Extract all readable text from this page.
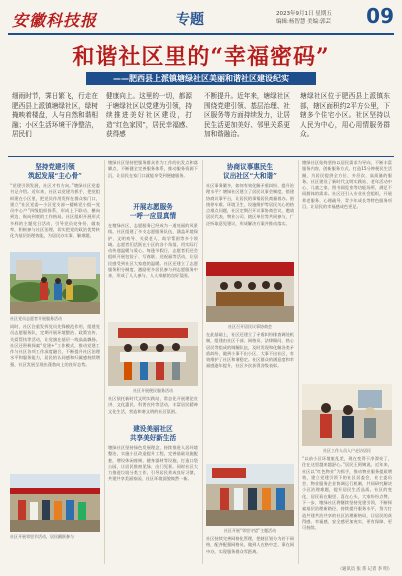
安徽科技报	专题	2023年9月1日 星期五
编辑:杨智慧 美编:郭芸 09
和谐社区里的“幸福密码”
——肥西县上派镇塘绿社区美丽和谐社区建设纪实
细雨时节，霁日繁飞，行走在肥西县上派镇塘绿社区，绿树掩映着楼盘，人与自然和谐相融；小区生活环境干净整洁，居民们
健康向上。这里的一切，都源于塘绿社区以党建为引领，持续推进美好社区建设，打造“红色家园”，居民幸福感、获得感
不断提升。近年来，塘绿社区围绕党建引领、基层治理、社区服务等方面持续发力，让居民生活更加美好、邻里关系更加和谐融洽。
塘绿社区位于肥西县上派镇东部，辖区面积约2平方公里，下辖多个住宅小区。社区坚持以人民为中心，用心用情服务群众。
坚持党建引领
筑起发展“主心骨”
“党建引领发展，社区才有方向。”塘绿社区党委书记介绍。近年来，社区以党建为抓手，把党组织建在小区里，把党员作用发挥在群众家门口，建立“社区党委—小区党支部—楼栋党小组—党员中心户”四级组织体系，形成上下联动、横向到边、纵向到底的工作格局。社区组织开展形式多样的主题党日活动，引导党员亮身份、做表率，积极参与社区治理，切实把党的政治优势转化为基层治理效能，为居民办实事、解难题。
社区党员志愿者开展服务活动
同时，社区注重发挥党员先锋模范作用，组建党员志愿服务队，定期开展环境整治、政策宣传、关爱帮扶等活动，让党旗在基层一线高高飘扬。社区还积极探索“党建+”工作模式，推动党建工作与社区各项工作深度融合，不断提升社区治理水平和服务能力，居民的认同感和归属感持续增强，社区发展呈现出蓬勃向上的良好态势。
社区开展邻里节活动，居民踊跃参与
塘绿社区坚持把服务群众作为工作的出发点和落脚点，不断健全完善服务体系，推动服务资源下沉，让居民在家门口就能享受到便捷服务。
开展志愿服务
一呼一应显真情
在塘绿社区，志愿服务已经成为一道亮丽的风景线。社区组建了多支志愿服务队伍，涵盖环境保护、文明劝导、关爱老人、助学帮困等多个领域。志愿者们活跃在小区的各个角落，用实际行动传递温暖与爱心。每逢节假日，志愿者们还会组织开展包饺子、写春联、送祝福等活动，让居民感受到社区大家庭的温暖。社区还建立了志愿服务积分制度，激励更多居民参与到志愿服务中来，形成了人人参与、人人奉献的良好氛围。
社区开展便民服务活动
社区依托新时代文明实践站，常态化开展理论宣讲、文化惠民、科普宣传等活动，丰富居民精神文化生活，营造和谐文明的社区氛围。
建设美丽社区
共享美好新生活
塘绿社区坚持绿色发展理念，持续推进人居环境整治，实施小区改造提升工程，完善基础设施配套，增设休闲座椅、健身器材等设施，打造口袋公园，让居民推窗见绿、出门见景。同时社区大力推进垃圾分类工作，引导居民养成良好习惯，共建共享美丽家园，社区环境面貌焕然一新。
协商议事惠民生
议出社区“大和谐”
社区事务繁多，如何有效化解矛盾纠纷、提升治理水平？塘绿社区建立了居民议事会制度，搭建协商议事平台，让居民的事情居民商量着办。围绕停车难、环境卫生、设施维护等居民关心的热点难点问题，社区定期召开议事协商会议，邀请居民代表、物业公司、辖区单位等共同参与，广泛听取意见建议，形成解决方案并推动落实。
社区召开居民议事协商会
在此基础上，社区还建立了矛盾纠纷排查调处机制，组建由社区干部、网格员、法律顾问、热心居民等组成的调解队伍，及时发现和化解各类矛盾纠纷，做到小事不出小区、大事不出社区，有效维护了社区和谐稳定。社区群众的满意度和幸福感逐年提升，社区多次获得各级表彰。
社区开展“邻里守望”主题活动
社区持续完善网格化管理，把辖区划分为若干网格，配齐配强网格员，做到人在格中走、事在网中办，实现服务群众零距离。
塘绿社区始终坚持以居民需求为导向，不断丰富服务内容，创新服务方式，打造15分钟便民生活圈，为居民提供全方位、多层次、高质量的服务。社区建设了新时代文明实践站、老年活动中心、儿童之家、图书阅览室等功能场所，满足不同群体的需求。社区还引入专业社会组织，开展养老服务、心理疏导、青少年成长等特色服务项目，让居民的幸福感成色更足。
社区工作人员入户走访居民
“以前小区环境脏乱差，现在变得干净漂亮了，住在这里越来越舒心。”居民王阿姨说。近年来，社区以“红色物业”为抓手，推动物业服务提质增效，建立党建引领下的社区居委会、业主委员会、物业服务企业协调运行机制，共同研究解决小区治理难题，提升居民生活品质。社区的变化，居民看在眼里、喜在心头，大家纷纷点赞。下一步，塘绿社区将继续坚持党建引领，不断探索基层治理新路径，持续提升服务水平，努力打造共建共治共享的社区治理新格局，让居民的获得感、幸福感、安全感更加充实、更有保障、更可持续。
（通讯员 张 伟 记者 李 明）
